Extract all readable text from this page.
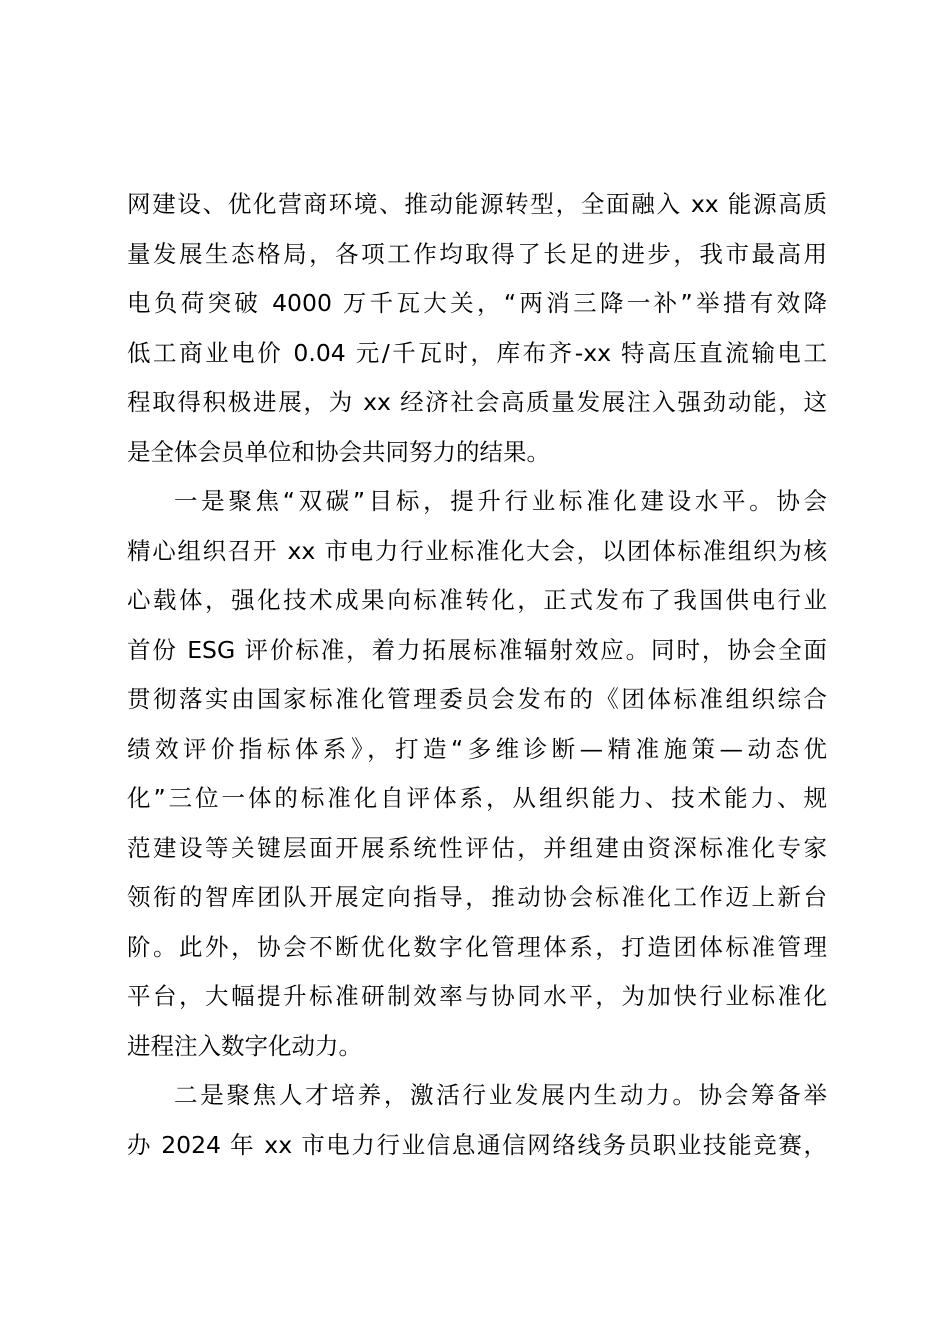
网建设、优化营商环境、推动能源转型，全面融入 xx 能源高质
量发展生态格局，各项工作均取得了长足的进步，我市最高用
电负荷突破 4000 万千瓦大关，“两消三降一补”举措有效降
低工商业电价 0.04 元/千瓦时，库布齐-xx 特高压直流输电工
程取得积极进展，为 xx 经济社会高质量发展注入强劲动能，这
是全体会员单位和协会共同努力的结果。
一是聚焦“双碳”目标，提升行业标准化建设水平。协会
精心组织召开 xx 市电力行业标准化大会，以团体标准组织为核
心载体，强化技术成果向标准转化，正式发布了我国供电行业
首份 ESG 评价标准，着力拓展标准辐射效应。同时，协会全面
贯彻落实由国家标准化管理委员会发布的《团体标准组织综合
绩效评价指标体系》，打造“多维诊断—精准施策—动态优
化”三位一体的标准化自评体系，从组织能力、技术能力、规
范建设等关键层面开展系统性评估，并组建由资深标准化专家
领衔的智库团队开展定向指导，推动协会标准化工作迈上新台
阶。此外，协会不断优化数字化管理体系，打造团体标准管理
平台，大幅提升标准研制效率与协同水平，为加快行业标准化
进程注入数字化动力。
二是聚焦人才培养，激活行业发展内生动力。协会筹备举
办 2024 年 xx 市电力行业信息通信网络线务员职业技能竞赛，
